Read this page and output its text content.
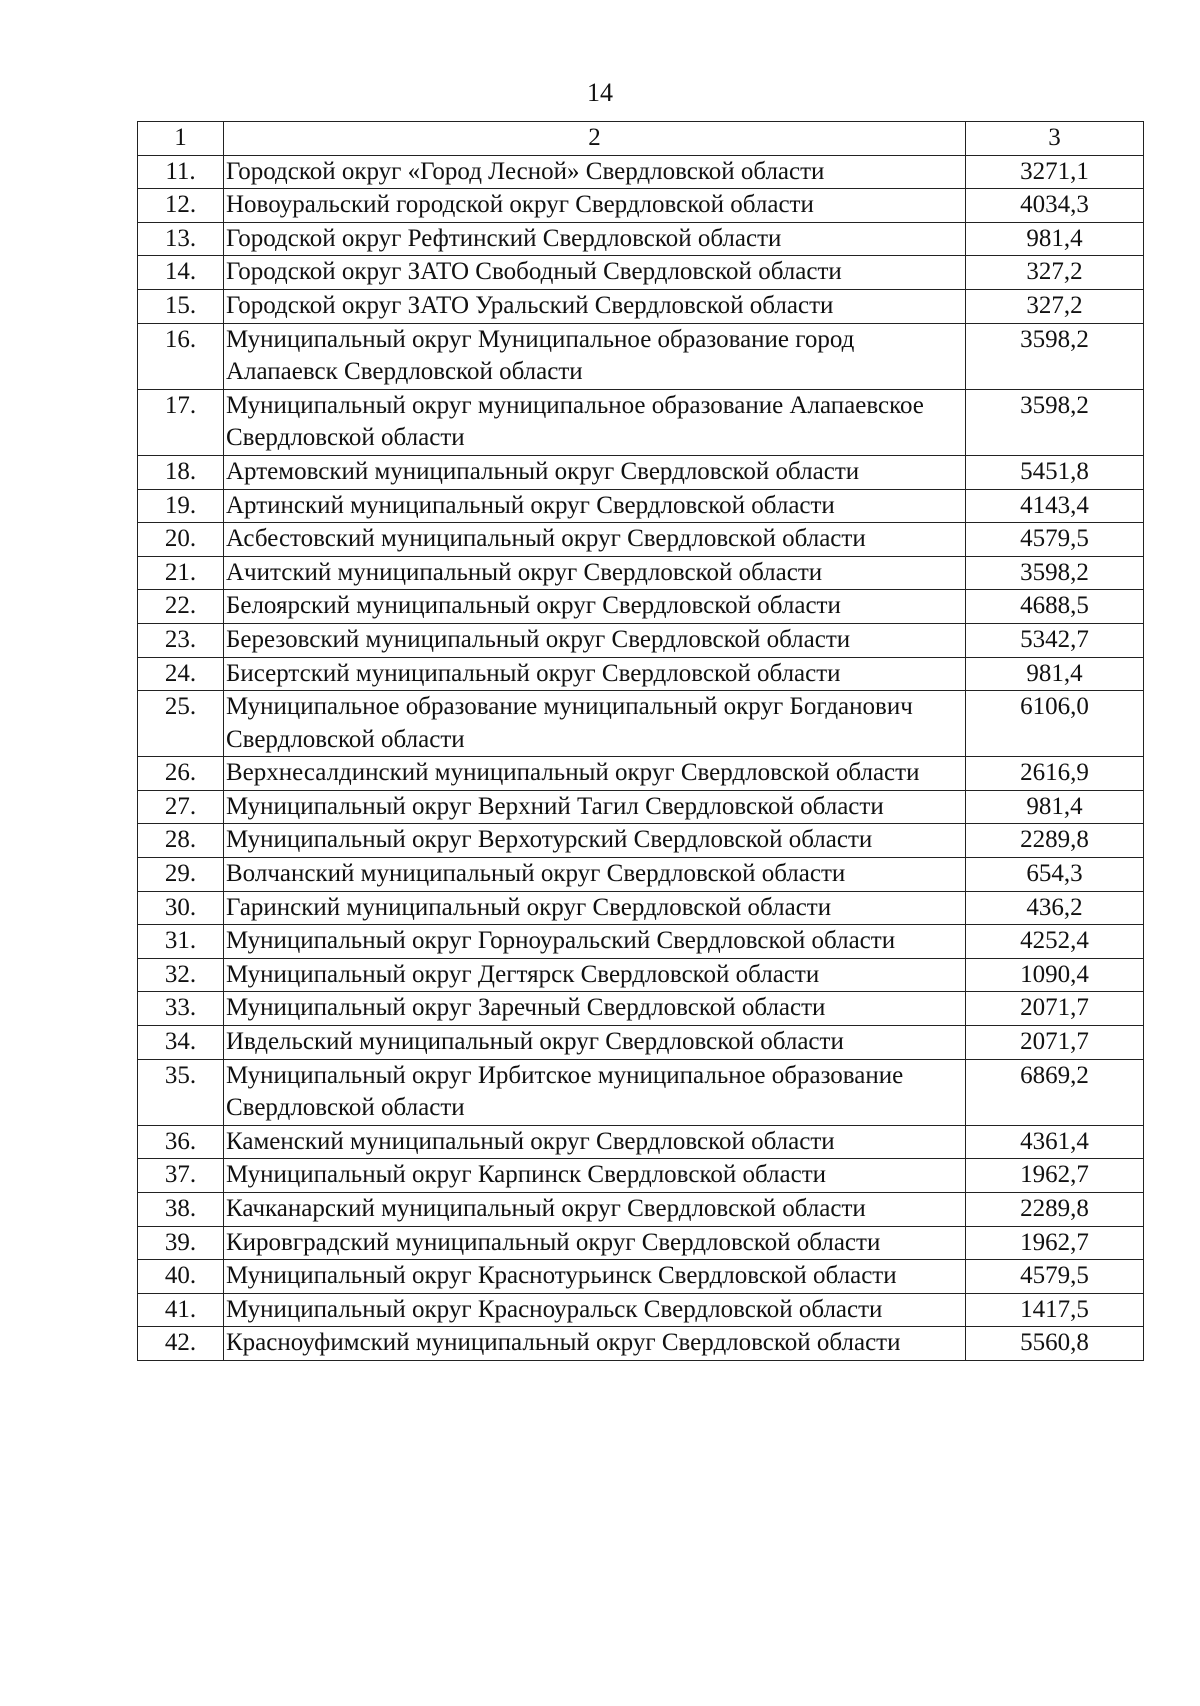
14
1	2	3
11.	Городской округ «Город Лесной» Свердловской области	3271,1
12.	Новоуральский городской округ Свердловской области	4034,3
13.	Городской округ Рефтинский Свердловской области	981,4
14.	Городской округ ЗАТО Свободный Свердловской области	327,2
15.	Городской округ ЗАТО Уральский Свердловской области	327,2
16.	Муниципальный округ Муниципальное образование город Алапаевск Свердловской области	3598,2
17.	Муниципальный округ муниципальное образование Алапаевское Свердловской области	3598,2
18.	Артемовский муниципальный округ Свердловской области	5451,8
19.	Артинский муниципальный округ Свердловской области	4143,4
20.	Асбестовский муниципальный округ Свердловской области	4579,5
21.	Ачитский муниципальный округ Свердловской области	3598,2
22.	Белоярский муниципальный округ Свердловской области	4688,5
23.	Березовский муниципальный округ Свердловской области	5342,7
24.	Бисертский муниципальный округ Свердловской области	981,4
25.	Муниципальное образование муниципальный округ Богданович Свердловской области	6106,0
26.	Верхнесалдинский муниципальный округ Свердловской области	2616,9
27.	Муниципальный округ Верхний Тагил Свердловской области	981,4
28.	Муниципальный округ Верхотурский Свердловской области	2289,8
29.	Волчанский муниципальный округ Свердловской области	654,3
30.	Гаринский муниципальный округ Свердловской области	436,2
31.	Муниципальный округ Горноуральский Свердловской области	4252,4
32.	Муниципальный округ Дегтярск Свердловской области	1090,4
33.	Муниципальный округ Заречный Свердловской области	2071,7
34.	Ивдельский муниципальный округ Свердловской области	2071,7
35.	Муниципальный округ Ирбитское муниципальное образование Свердловской области	6869,2
36.	Каменский муниципальный округ Свердловской области	4361,4
37.	Муниципальный округ Карпинск Свердловской области	1962,7
38.	Качканарский муниципальный округ Свердловской области	2289,8
39.	Кировградский муниципальный округ Свердловской области	1962,7
40.	Муниципальный округ Краснотурьинск Свердловской области	4579,5
41.	Муниципальный округ Красноуральск Свердловской области	1417,5
42.	Красноуфимский муниципальный округ Свердловской области	5560,8
